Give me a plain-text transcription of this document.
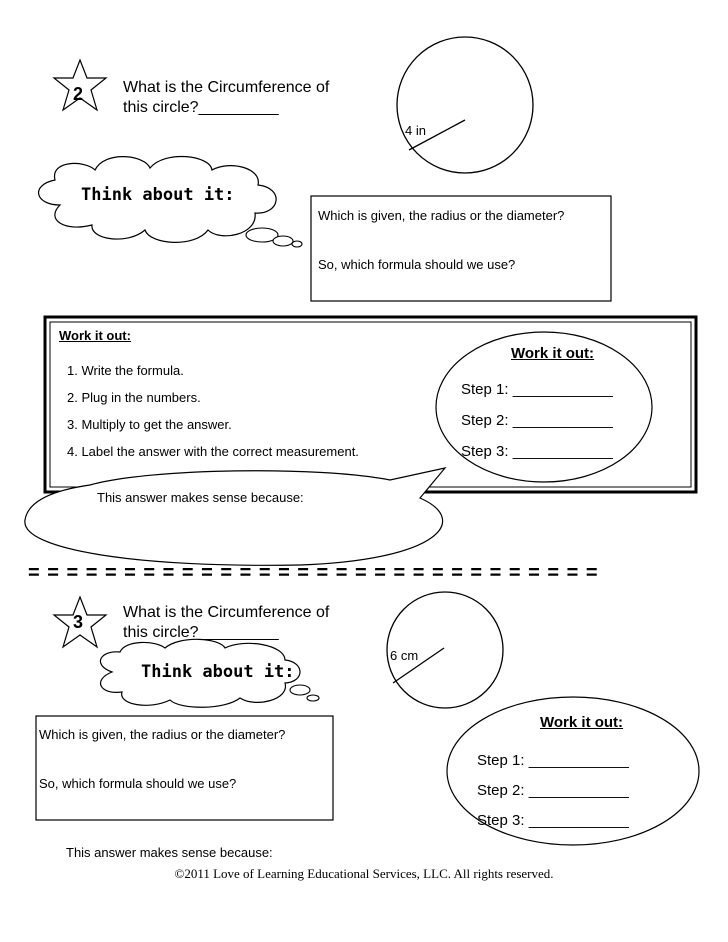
2 What is the Circumference of
this circle?_________
4 in
Think about it:
Which is given, the radius or the diameter?
So, which formula should we use?
Work it out:
1. Write the formula.
2. Plug in the numbers.
3. Multiply to get the answer.
4. Label the answer with the correct measurement.
Work it out:
Step 1: ____________
Step 2: ____________
Step 3: ____________
This answer makes sense because:
= = = = = = = = = = = = = = = = = = = = = = = = = = = = = =
3 What is the Circumference of
this circle?_________
6 cm
Think about it:
Which is given, the radius or the diameter?
So, which formula should we use?
Work it out:
Step 1: ____________
Step 2: ____________
Step 3: ____________
This answer makes sense because:
©2011 Love of Learning Educational Services, LLC. All rights reserved.
